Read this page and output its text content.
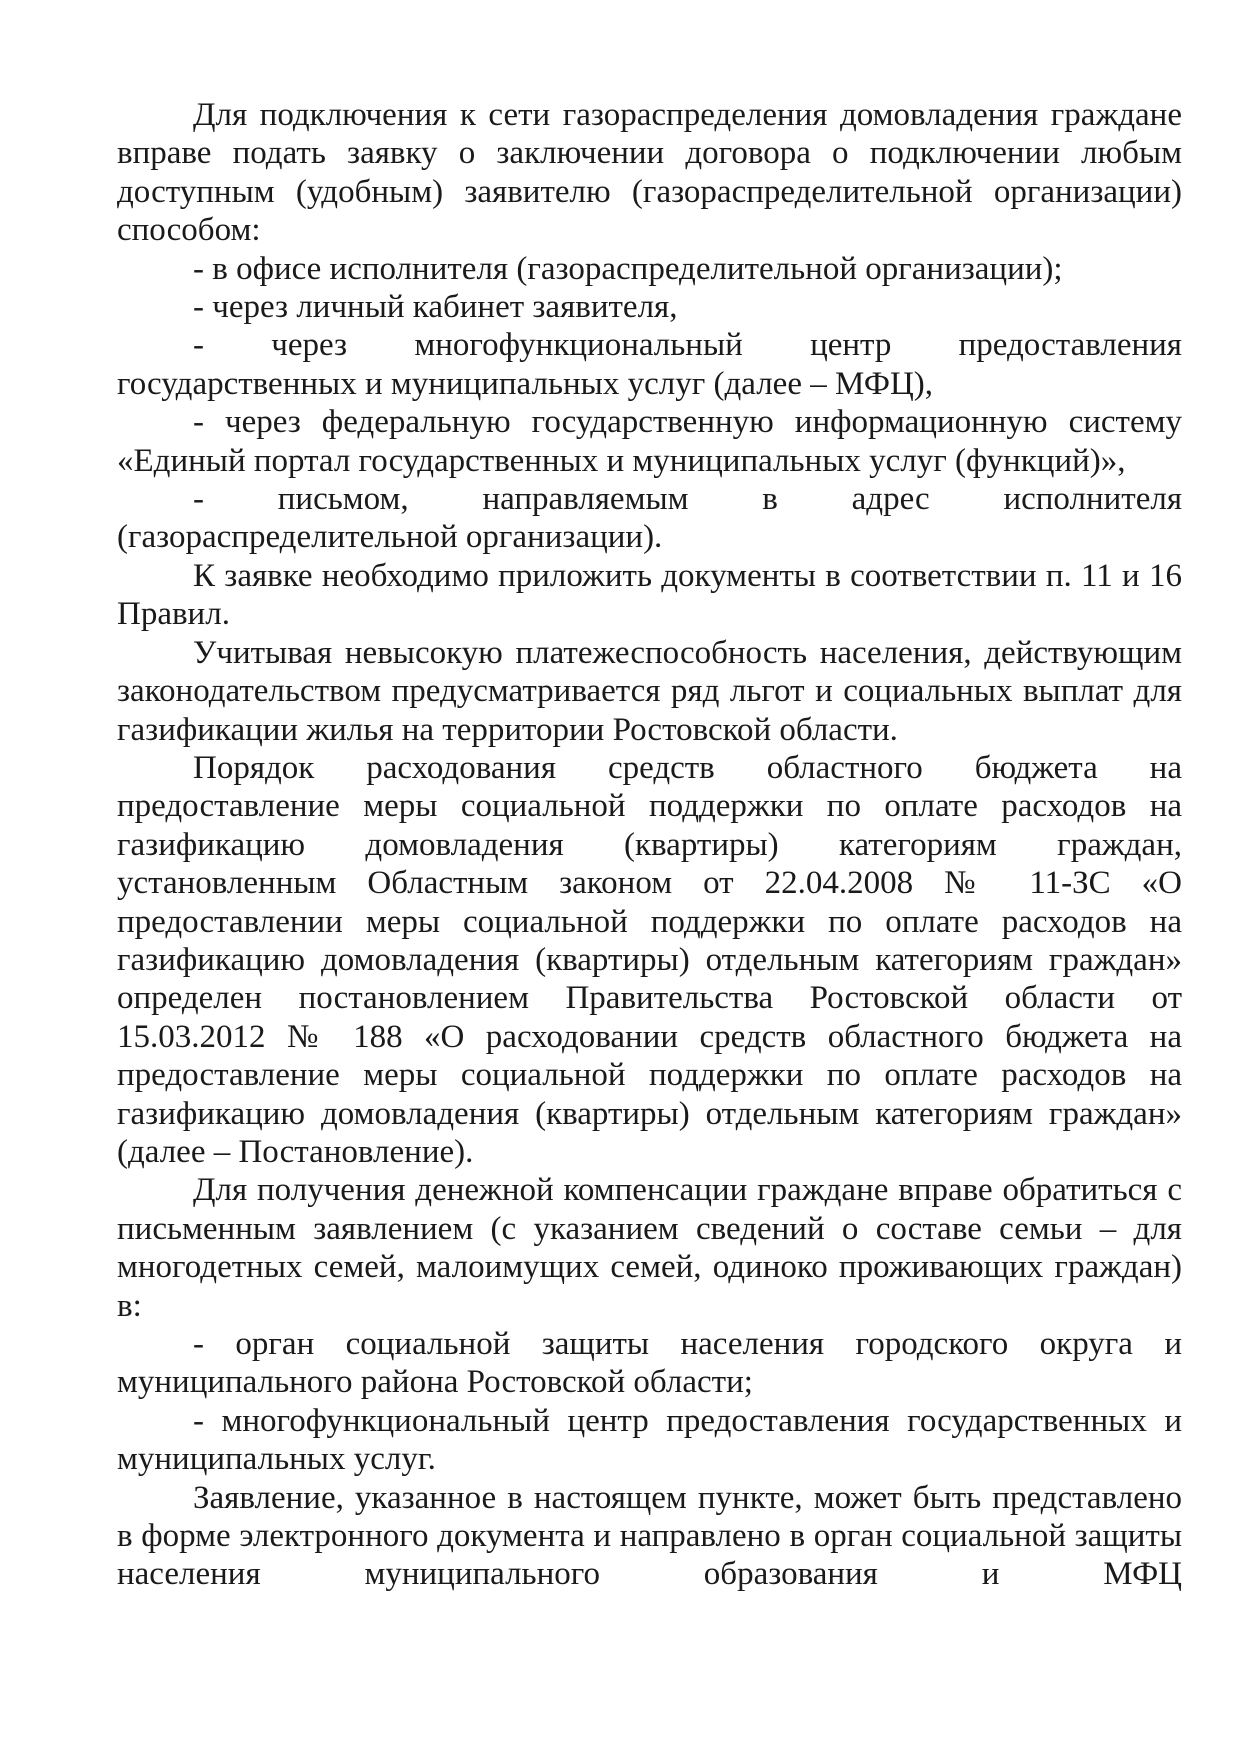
Для подключения к сети газораспределения домовладения граждане вправе подать заявку о заключении договора о подключении любым доступным (удобным) заявителю (газораспределительной организации) способом:

- в офисе исполнителя (газораспределительной организации);

- через личный кабинет заявителя,

- через многофункциональный центр предоставления государственных и муниципальных услуг (далее – МФЦ),

- через федеральную государственную информационную систему «Единый портал государственных и муниципальных услуг (функций)»,

- письмом, направляемым в адрес исполнителя (газораспределительной организации).

К заявке необходимо приложить документы в соответствии п. 11 и 16 Правил.

Учитывая невысокую платежеспособность населения, действующим законодательством предусматривается ряд льгот и социальных выплат для газификации жилья на территории Ростовской области.

Порядок расходования средств областного бюджета на предоставление меры социальной поддержки по оплате расходов на газификацию домовладения (квартиры) категориям граждан, установленным Областным законом от 22.04.2008 № 11-ЗС «О предоставлении меры социальной поддержки по оплате расходов на газификацию домовладения (квартиры) отдельным категориям граждан» определен постановлением Правительства Ростовской области от 15.03.2012 № 188 «О расходовании средств областного бюджета на предоставление меры социальной поддержки по оплате расходов на газификацию домовладения (квартиры) отдельным категориям граждан» (далее – Постановление).

Для получения денежной компенсации граждане вправе обратиться с письменным заявлением (с указанием сведений о составе семьи – для многодетных семей, малоимущих семей, одиноко проживающих граждан) в:

- орган социальной защиты населения городского округа и муниципального района Ростовской области;

- многофункциональный центр предоставления государственных и муниципальных услуг.

Заявление, указанное в настоящем пункте, может быть представлено в форме электронного документа и направлено в орган социальной защиты населения муниципального образования и МФЦ
